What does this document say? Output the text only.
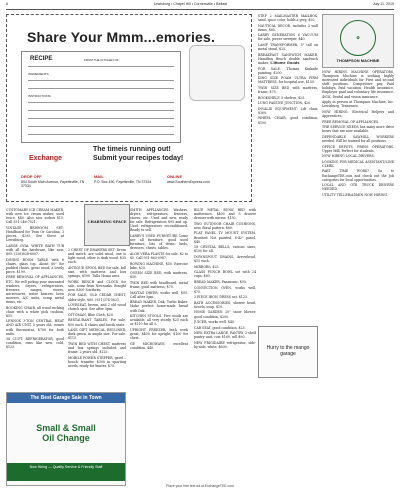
6	Lewisburg • Chapel Hill • Cornersville • Belfast	July 11, 2019
Share Your Mmm...emories.
RECIPE	FROM THE KITCHEN OF:
INGREDIENTS:
INSTRUCTIONS:
Exchange
The timeis running out!
Submit your recipes today!
DROP OFF
804 South Main Avenue, Fayetteville, TN 37334
MAIL
P.O. Box 490, Fayetteville, TN 37334
ONLINE
www.SouthernExpress.com

CUSTOMARY ICE CREAM MAKER, with new ice cream maker, used twice, $40. Also nice icebox $15. Call 931-246-7521.

VINTAGE BEDROOM SET: Headboard for Twin Or Carolina, 3 pieces, $295. See Steve at Lewisburg.

LARGE OVAL WHITE BATH TUB with all the hardware, like new, $95. (256)838-6007.

DINING ROOM TABLE with 6 chairs, glass top. About 60" for padded chairs, great wood, a lovely piece. $199.

FREE REMOVAL OF APPLIANCES, ETC. We will pickup your unwanted washers, dryers, refrigerators, freezers, ranges, stoves, microwaves, water heaters, lawn mowers, A/C units, scrap metal items, etc.

BOOKING CHAIR, all wood rocking chair with a white pick cushion, $55.

LENNOX 3-TON CENTRAL HEAT AND AIR UNIT, 5 years old, comes with thermostat, $700 for both units.

38 CU.FT. REFRIGERATOR, good condition, runs like new, cold, $125.

2 CHEST OF DRAWERS SET: Dress and match, are solid wood, one is light wood, other is dark wood. $35 each.

ANTIQUE SPOOL BED for sale, full size, with mattress and box springs, $100. Tulla Homa area.

WORK BENCH and CLOCK for sale, come from Newsoaks. Bought new. 8300 Southern.

FOR SALE, OLD CEDAR CHEST, older style, $65. (931)374-5621.

LOVESEAT, brown, and 2 old wood church spot. See after 3pm.

OTTOMAN, Blue Cloth, $20.

RESTAURANT TABLES, For sale, $50 each. 4 chairs and booth seats.

LANE GIFT MEDICAL RECLINER, dark green, in ample size. For sale. $115.

TWIN BED WITH CHEST, mattress and box springs included and frame. 2 years old. $125.

MOBILE POWER STEPPER, gavel – beach, transfer, $300 in sporting needs, ready for hunter. $75.

CHARMING SPACE

SMITH APPLIANCES Washers, dryers, refrigerators, freezers, stoves, etc. Used and new, ready for sale. Refrigerators $95 and up. Used refrigerators reconditioned. Ready to sell.

LARRY'S USED FURNITURE Come see all furniture, good used furniture, lots of items: beds, dressers, chests, tables.

ALOE VERA PLANTS for sale, $2 to $5. Call 931-863-0987.

ROWING MACHINE, $50. Exercise bike, $25.

QUEEN SIZE BED, with mattress, $50.

TWIN BED with headboard, metal frame, good mattress, $75.

MAYTAG DRYER, works well, $95. Call after 5pm.

BREAD MAKER, Dak, Turbo Baker. Make perfect home-made bread with Dak.

KITCHEN STOOLS, Five stools are available, all very sturdy, $25 each or $110 for all 5.

UPRIGHT FREEZER, both work great, $400 for upright, $100 for chest.

GE MICROWAVE, excellent condition, $40.

BLUE METAL BUNK BED with mattresses, $400 and 5 drawer dresser with mirror, $150.

TWO OUTDOOR CHAIR CUSHIONS, new, floral pattern, $60.

FLAT PANEL TV MOUNT SYSTEM, Brushed Not painted, 8-42" panel, $40.

18 CRYSTAL BELLS, various sizes, $100 for all.

DOWNSPOUT DRAINS, Arrowhead, $15 each.

MIRRORS, $25.

GLASS PUNCH BOWL set with 24 cups, $60.

BREAD MAKER, Panasonic, $55.

CONVECTION OVEN, works well, $75.

3 PIECE IRON, DRESS set, $125.

BATH ACCESSORIES, shower head, towels, soap, $10.

HOME GARDEN 20" snow blower, good condition, $200.

JUICER, works well, $40.

CAR SEAT, good condition, $25.

NEW, EXTRA LARGE, PANTRY, 2-shelf pantry unit, cost $169, sell $90.

NEW FRIGIDAIRE refrigerator, side-by-side, white, $600.

Home Goods

STEP 2 MAILMASTER MAILBOX, sand, spice color, holds a grey, $20.

NAUTICAL DECOR, includes 3 wall items, $85.

LARRY GENERATION 6 VACUUM for sale, power sweeper, $40.

LAMP TRANSFORMER, 5" tall on metal stand, $25.

BREAKFAST SANDWICH MAKER, Hamilton Beach double sandwich maker, $20.

FOR SALE: Thomas Kinkade painting, $200.

KING SIZE FOAM ULTRA FIRM MATTRESS, for hospital use, $150.

TWIN SIZE BED with mattress, frame, $75.

BOOKSHELF, 5 shelves, $25.

LUNG PASSIVE JUNCTION, $20.

INVALID EQUIPMENT: Lift chair, $300.

WHEEL CHAIR, good condition, $100.

Hurry to the mango garage
⚙
THOMPSON MACHINE

NOW HIRING MACHINE OPERATORS. Thompson Machine is seeking highly motivated individuals for First and second shift positions. Competitive pay, Paid holidays, Paid vacation, Health insurance, Employer paid and voluntary life insurance, 401K, Dental and vision insurance.

Apply in person at Thompson Machine, Inc. Lewisburg, Tennessee.

NOW HIRING: Electrical Helpers and Apprentices.

FREE REMOVAL OF APPLIANCES.

THE SERVICE NEEDS has many more drive hours that are now available.

DEPENDABLE SAWMILL WORKERS needed. Will be trained for all positions.

OFFICE DEPOTS, PRESS OPERATORS, Upper Mill, Perfect for students.

NOW HIRING LOCAL DRIVERS.

LOOKING FOR MEDICAL ASSISTANT/LINE CLERK.

PART TIME WORK? Go to ExchangeTEE.com and check out the Job categories for local opportunities.

LOCAL AND OTR TRUCK DRIVERS NEEDED.

UTILITY TELLER/ADMIN NOW HIRING.

The Best Garage Sale in Town
Small & Small
Oil Change
Now Hiring — Quality Service & Friendly Staff
Place your free text ad at ExchangeTEE.com
